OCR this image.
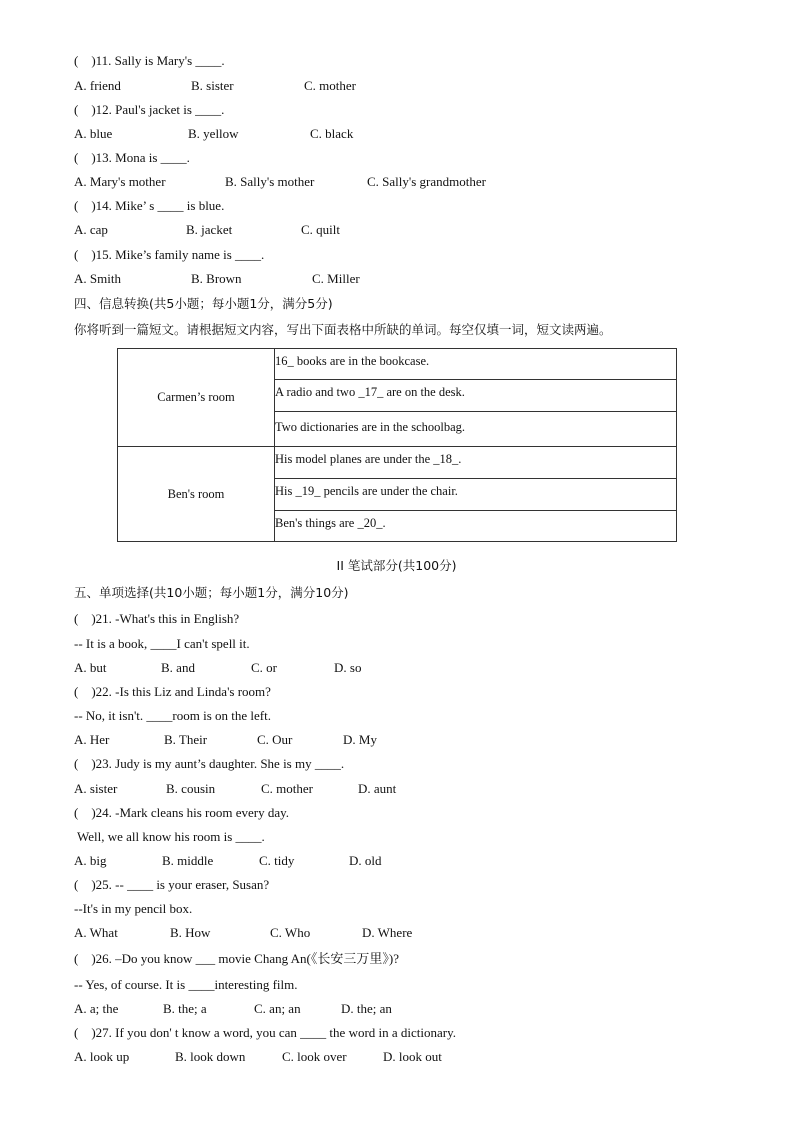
(    )11. Sally is Mary's ____.
A. friend	B. sister	C. mother
(    )12. Paul's jacket is ____.
A. blue	B. yellow	C. black
(    )13. Mona is ____.
A. Mary's mother	B. Sally's mother	C. Sally's grandmother
(    )14. Mike’ s ____ is blue.
A. cap	B. jacket	C. quilt
(    )15. Mike’s family name is ____.
A. Smith	B. Brown	C. Miller
四、信息转换(共5小题；每小题1分，满分5分)
你将听到一篇短文。请根据短文内容，写出下面表格中所缺的单词。每空仅填一词，短文读两遍。
Carmen’s room	16_ books are in the bookcase.
	A radio and two _17_ are on the desk.
	Two dictionaries are in the schoolbag.
Ben's room	His model planes are under the _18_.
	His _19_ pencils are under the chair.
	Ben's things are _20_.
II 笔试部分(共100分)
五、单项选择(共10小题；每小题1分，满分10分)
(    )21. -What's this in English?
-- It is a book, ____I can't spell it.
A. but	B. and	C. or	D. so
(    )22. -Is this Liz and Linda's room?
-- No, it isn't. ____room is on the left.
A. Her	B. Their	C. Our	D. My
(    )23. Judy is my aunt’s daughter. She is my ____.
A. sister	B. cousin	C. mother	D. aunt
(    )24. -Mark cleans his room every day.
Well, we all know his room is ____.
A. big	B. middle	C. tidy	D. old
(    )25. -- ____ is your eraser, Susan?
--It's in my pencil box.
A. What	B. How	C. Who	D. Where
(    )26. –Do you know ___ movie Chang An(《长安三万里》)?
-- Yes, of course. It is ____interesting film.
A. a; the	B. the; a	C. an; an	D. the; an
(    )27. If you don' t know a word, you can ____ the word in a dictionary.
A. look up	B. look down	C. look over	D. look out
